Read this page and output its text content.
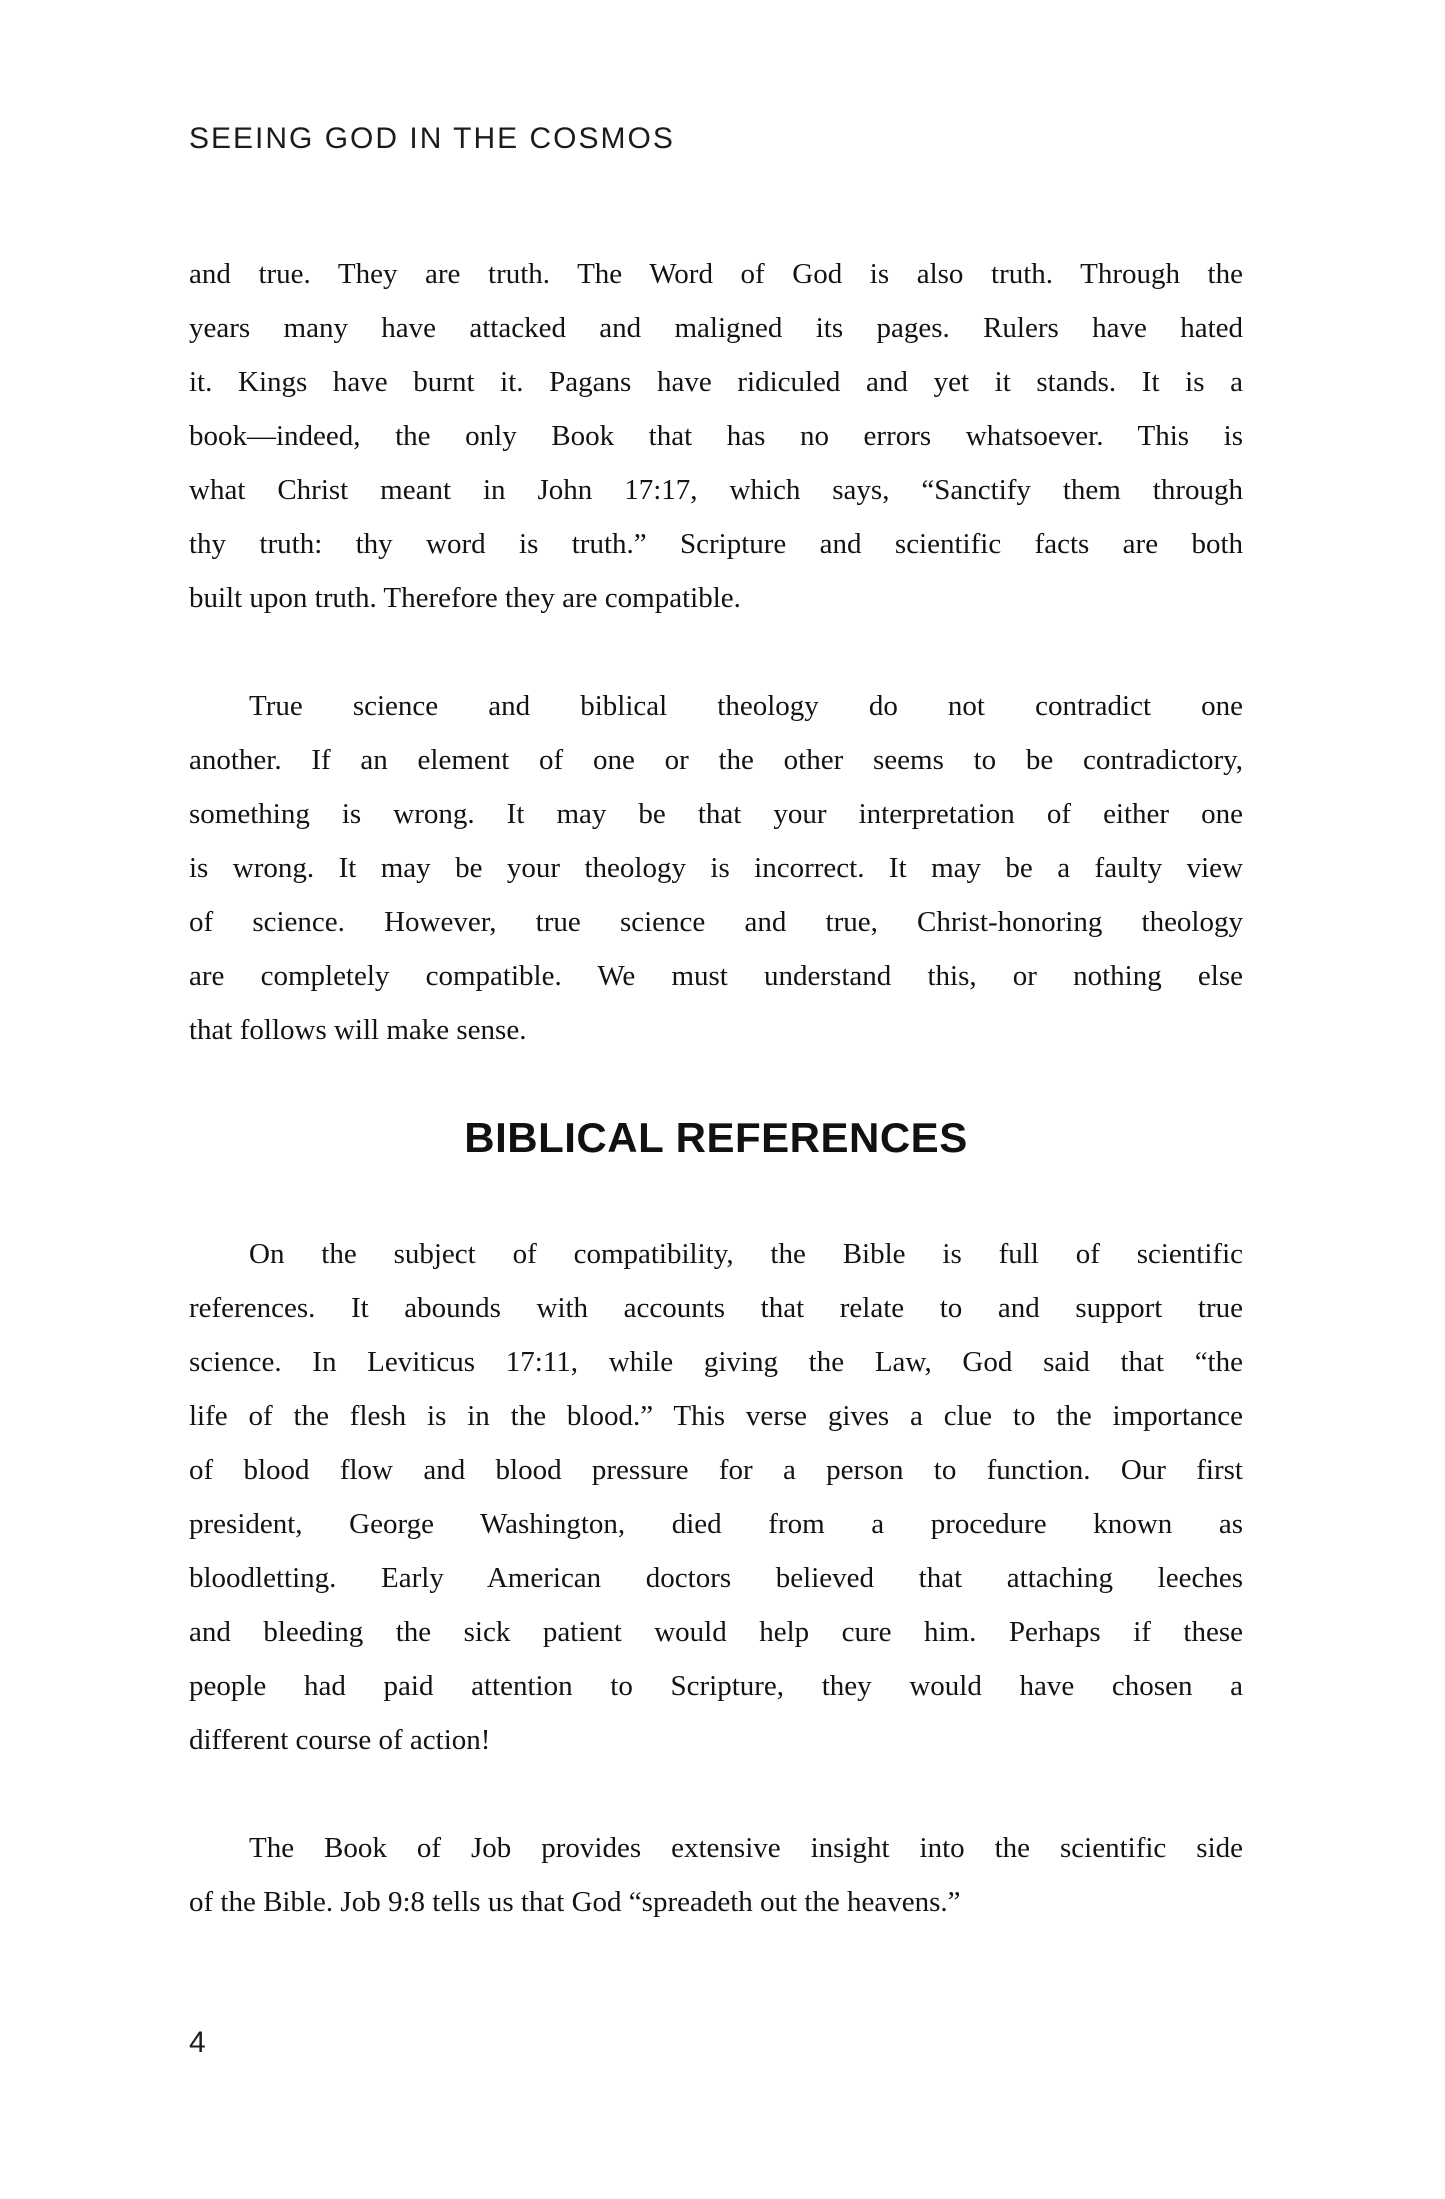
SEEING GOD IN THE COSMOS
and true. They are truth. The Word of God is also truth. Through the
years many have attacked and maligned its pages. Rulers have hated
it. Kings have burnt it. Pagans have ridiculed and yet it stands. It is a
book—indeed, the only Book that has no errors whatsoever. This is
what Christ meant in John 17:17, which says, “Sanctify them through
thy truth: thy word is truth.” Scripture and scientific facts are both
built upon truth. Therefore they are compatible.
True science and biblical theology do not contradict one
another. If an element of one or the other seems to be contradictory,
something is wrong. It may be that your interpretation of either one
is wrong. It may be your theology is incorrect. It may be a faulty view
of science. However, true science and true, Christ-honoring theology
are completely compatible. We must understand this, or nothing else
that follows will make sense.
BIBLICAL REFERENCES
On the subject of compatibility, the Bible is full of scientific
references. It abounds with accounts that relate to and support true
science. In Leviticus 17:11, while giving the Law, God said that “the
life of the flesh is in the blood.” This verse gives a clue to the importance
of blood flow and blood pressure for a person to function. Our first
president, George Washington, died from a procedure known as
bloodletting. Early American doctors believed that attaching leeches
and bleeding the sick patient would help cure him. Perhaps if these
people had paid attention to Scripture, they would have chosen a
different course of action!
The Book of Job provides extensive insight into the scientific side
of the Bible. Job 9:8 tells us that God “spreadeth out the heavens.”
4
